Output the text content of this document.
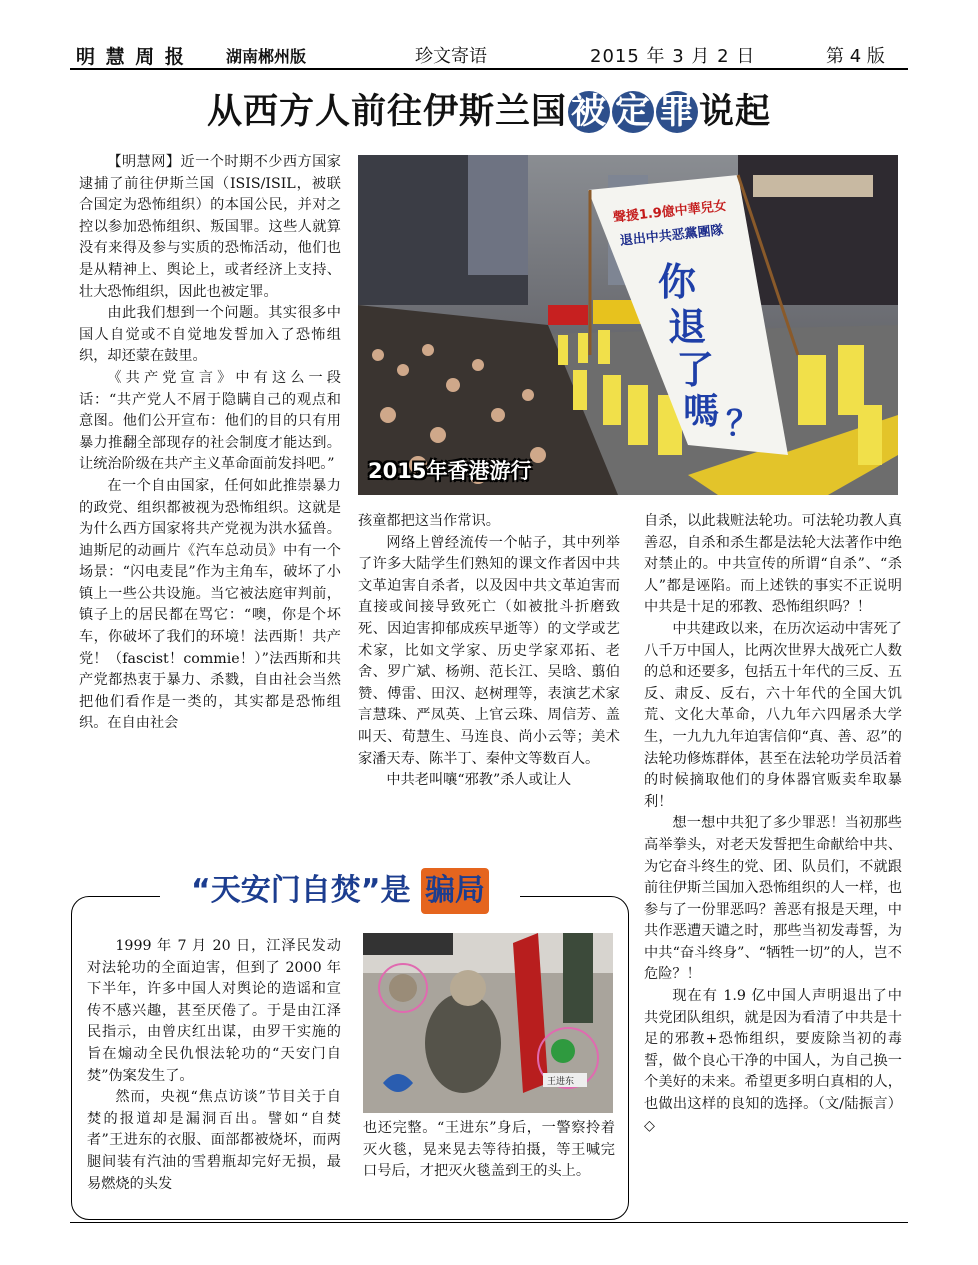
明 慧 周 报	湖南郴州版	珍文寄语	2015 年 3 月 2 日	第 4 版
从西方人前往伊斯兰国 被 定 罪 说起

【明慧网】近一个时期不少西方国家逮捕了前往伊斯兰国（ISIS/ISIL，被联合国定为恐怖组织）的本国公民，并对之控以参加恐怖组织、叛国罪。这些人就算没有来得及参与实质的恐怖活动，他们也是从精神上、舆论上，或者经济上支持、壮大恐怖组织，因此也被定罪。

由此我们想到一个问题。其实很多中国人自觉或不自觉地发誓加入了恐怖组织，却还蒙在鼓里。

《共产党宣言》中有这么一段话：“共产党人不屑于隐瞒自己的观点和意图。他们公开宣布：他们的目的只有用暴力推翻全部现存的社会制度才能达到。让统治阶级在共产主义革命面前发抖吧。”

在一个自由国家，任何如此推崇暴力的政党、组织都被视为恐怖组织。这就是为什么西方国家将共产党视为洪水猛兽。迪斯尼的动画片《汽车总动员》中有一个场景：“闪电麦昆”作为主角车，破坏了小镇上一些公共设施。当它被法庭审判前，镇子上的居民都在骂它：“噢，你是个坏车，你破坏了我们的环境！法西斯！共产党！（fascist！commie！）”法西斯和共产党都热衷于暴力、杀戮，自由社会当然把他们看作是一类的，其实都是恐怖组织。在自由社会

聲援1.9億中華兒女
退出中共恶黨團隊
你
退
了
嗎 ？
2015年香港游行

孩童都把这当作常识。

网络上曾经流传一个帖子，其中列举了许多大陆学生们熟知的课文作者因中共文革迫害自杀者，以及因中共文革迫害而直接或间接导致死亡（如被批斗折磨致死、因迫害抑郁成疾早逝等）的文学或艺术家，比如文学家、历史学家邓拓、老舍、罗广斌、杨朔、范长江、吴晗、翦伯赞、傅雷、田汉、赵树理等，表演艺术家言慧珠、严凤英、上官云珠、周信芳、盖叫天、荀慧生、马连良、尚小云等；美术家潘天寿、陈半丁、秦仲文等数百人。

中共老叫嚷“邪教”杀人或让人

自杀，以此栽赃法轮功。可法轮功教人真善忍，自杀和杀生都是法轮大法著作中绝对禁止的。中共宣传的所谓“自杀”、“杀人”都是诬陷。而上述铁的事实不正说明中共是十足的邪教、恐怖组织吗？！

中共建政以来，在历次运动中害死了八千万中国人，比两次世界大战死亡人数的总和还要多，包括五十年代的三反、五反、肃反、反右，六十年代的全国大饥荒、文化大革命，八九年六四屠杀大学生，一九九九年迫害信仰“真、善、忍”的法轮功修炼群体，甚至在法轮功学员活着的时候摘取他们的身体器官贩卖牟取暴利！

想一想中共犯了多少罪恶！当初那些高举拳头，对老天发誓把生命献给中共、为它奋斗终生的党、团、队员们，不就跟前往伊斯兰国加入恐怖组织的人一样，也参与了一份罪恶吗？善恶有报是天理，中共作恶遭天谴之时，那些当初发毒誓，为中共“奋斗终身”、“牺牲一切”的人，岂不危险？！

现在有 1.9 亿中国人声明退出了中共党团队组织，就是因为看清了中共是十足的邪教+恐怖组织，要废除当初的毒誓，做个良心干净的中国人，为自己换一个美好的未来。希望更多明白真相的人，也做出这样的良知的选择。（文/陆振言）◇

“天安门自焚”是 骗局

1999 年 7 月 20 日，江泽民发动对法轮功的全面迫害，但到了 2000 年下半年，许多中国人对舆论的造谣和宣传不感兴趣，甚至厌倦了。于是由江泽民指示，由曾庆红出谋，由罗干实施的旨在煽动全民仇恨法轮功的“天安门自焚”伪案发生了。

然而，央视“焦点访谈”节目关于自焚的报道却是漏洞百出。譬如“自焚者”王进东的衣服、面部都被烧坏，而两腿间装有汽油的雪碧瓶却完好无损，最易燃烧的头发

王进东

也还完整。“王进东”身后，一警察拎着灭火毯，晃来晃去等待拍摄，等王喊完口号后，才把灭火毯盖到王的头上。
